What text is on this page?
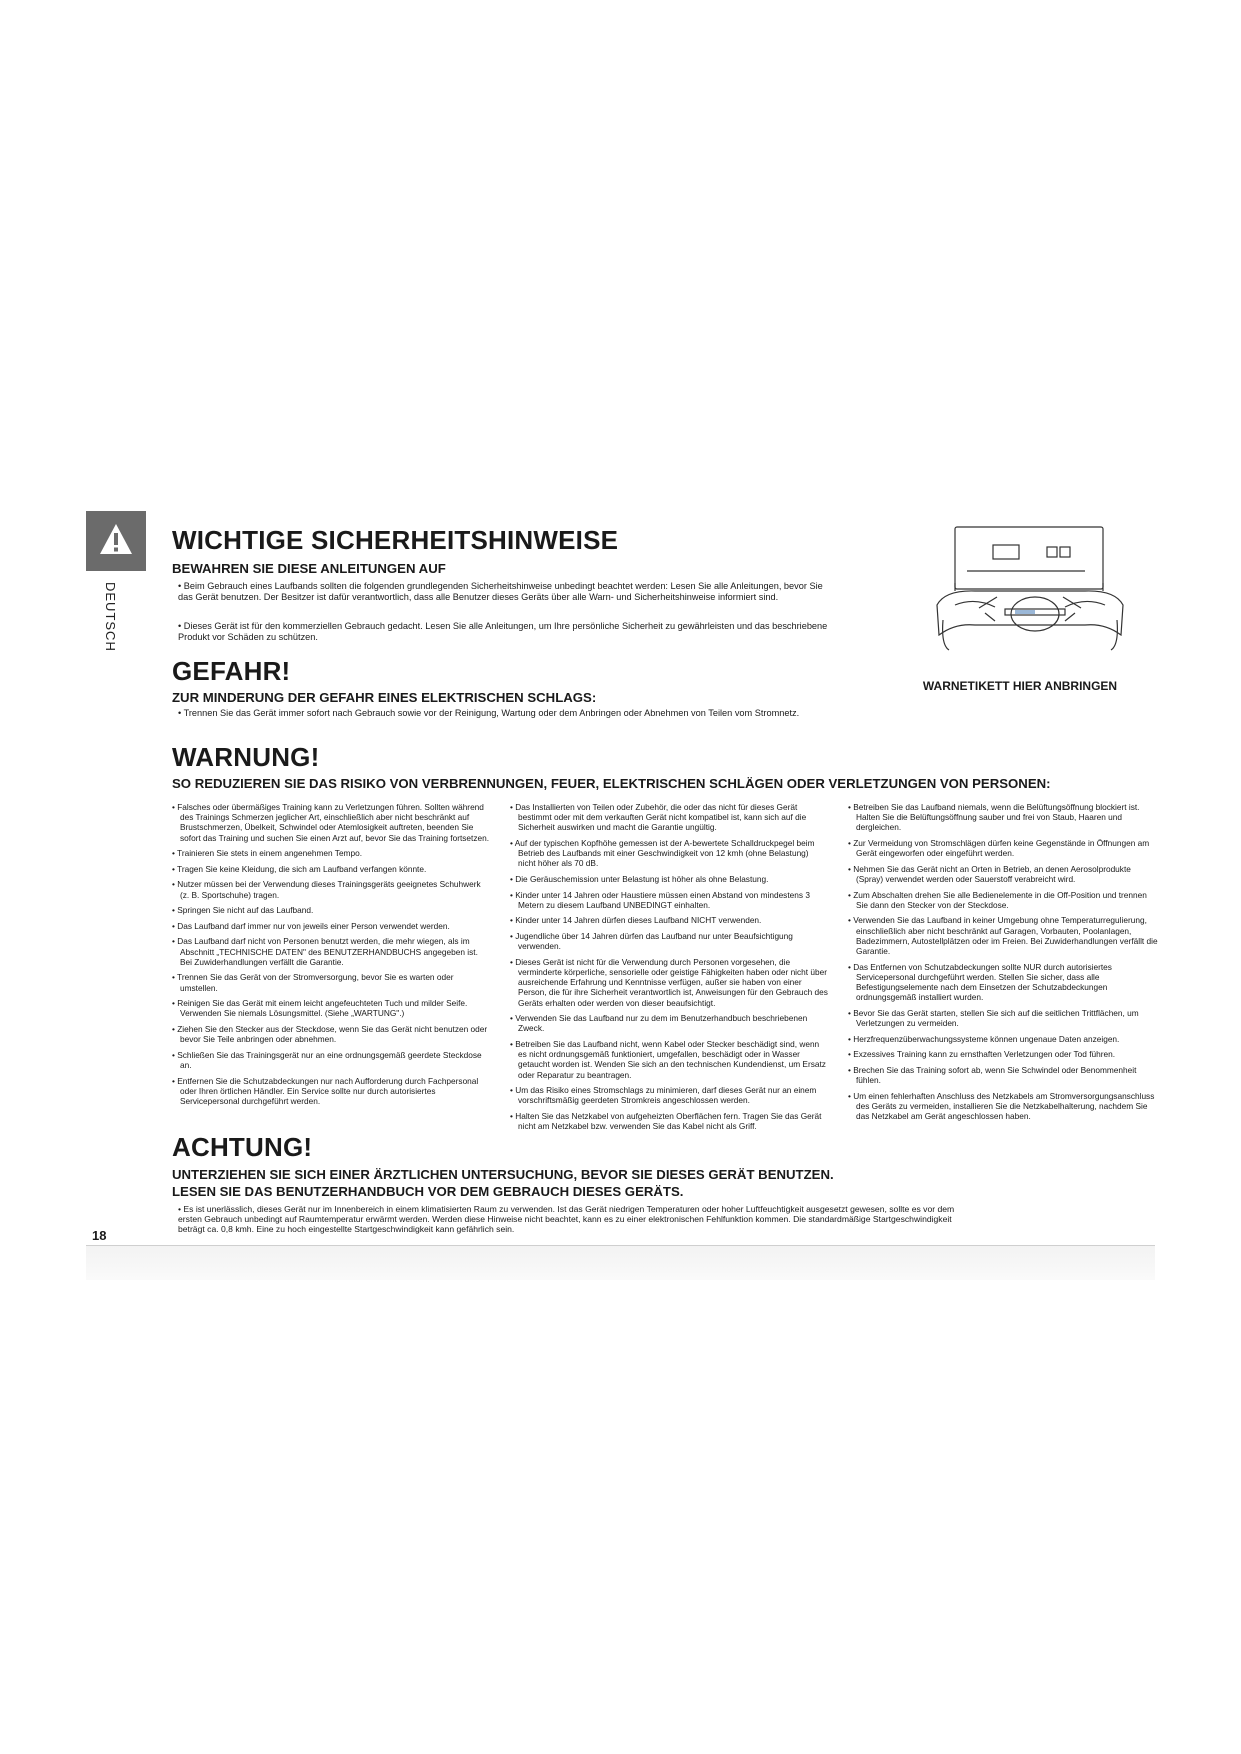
DEUTSCH
18
WICHTIGE SICHERHEITSHINWEISE
BEWAHREN SIE DIESE ANLEITUNGEN AUF

• Beim Gebrauch eines Laufbands sollten die folgenden grundlegenden Sicherheitshinweise unbedingt beachtet werden: Lesen Sie alle Anleitungen, bevor Sie das Gerät benutzen. Der Besitzer ist dafür verantwortlich, dass alle Benutzer dieses Geräts über alle Warn- und Sicherheitshinweise informiert sind.

• Dieses Gerät ist für den kommerziellen Gebrauch gedacht. Lesen Sie alle Anleitungen, um Ihre persönliche Sicherheit zu gewährleisten und das beschriebene Produkt vor Schäden zu schützen.

WARNETIKETT HIER ANBRINGEN
GEFAHR!
ZUR MINDERUNG DER GEFAHR EINES ELEKTRISCHEN SCHLAGS:

• Trennen Sie das Gerät immer sofort nach Gebrauch sowie vor der Reinigung, Wartung oder dem Anbringen oder Abnehmen von Teilen vom Stromnetz.

WARNUNG!
SO REDUZIEREN SIE DAS RISIKO VON VERBRENNUNGEN, FEUER, ELEKTRISCHEN SCHLÄGEN ODER VERLETZUNGEN VON PERSONEN:

• Falsches oder übermäßiges Training kann zu Verletzungen führen. Sollten während des Trainings Schmerzen jeglicher Art, einschließlich aber nicht beschränkt auf Brustschmerzen, Übelkeit, Schwindel oder Atemlosigkeit auftreten, beenden Sie sofort das Training und suchen Sie einen Arzt auf, bevor Sie das Training fortsetzen.

• Trainieren Sie stets in einem angenehmen Tempo.

• Tragen Sie keine Kleidung, die sich am Laufband verfangen könnte.

• Nutzer müssen bei der Verwendung dieses Trainingsgeräts geeignetes Schuhwerk (z. B. Sportschuhe) tragen.

• Springen Sie nicht auf das Laufband.

• Das Laufband darf immer nur von jeweils einer Person verwendet werden.

• Das Laufband darf nicht von Personen benutzt werden, die mehr wiegen, als im Abschnitt „TECHNISCHE DATEN" des BENUTZERHANDBUCHS angegeben ist. Bei Zuwiderhandlungen verfällt die Garantie.

• Trennen Sie das Gerät von der Stromversorgung, bevor Sie es warten oder umstellen.

• Reinigen Sie das Gerät mit einem leicht angefeuchteten Tuch und milder Seife. Verwenden Sie niemals Lösungsmittel. (Siehe „WARTUNG".)

• Ziehen Sie den Stecker aus der Steckdose, wenn Sie das Gerät nicht benutzen oder bevor Sie Teile anbringen oder abnehmen.

• Schließen Sie das Trainingsgerät nur an eine ordnungsgemäß geerdete Steckdose an.

• Entfernen Sie die Schutzabdeckungen nur nach Aufforderung durch Fachpersonal oder Ihren örtlichen Händler. Ein Service sollte nur durch autorisiertes Servicepersonal durchgeführt werden.

• Das Installierten von Teilen oder Zubehör, die oder das nicht für dieses Gerät bestimmt oder mit dem verkauften Gerät nicht kompatibel ist, kann sich auf die Sicherheit auswirken und macht die Garantie ungültig.

• Auf der typischen Kopfhöhe gemessen ist der A-bewertete Schalldruckpegel beim Betrieb des Laufbands mit einer Geschwindigkeit von 12 kmh (ohne Belastung) nicht höher als 70 dB.

• Die Geräuschemission unter Belastung ist höher als ohne Belastung.

• Kinder unter 14 Jahren oder Haustiere müssen einen Abstand von mindestens 3 Metern zu diesem Laufband UNBEDINGT einhalten.

• Kinder unter 14 Jahren dürfen dieses Laufband NICHT verwenden.

• Jugendliche über 14 Jahren dürfen das Laufband nur unter Beaufsichtigung verwenden.

• Dieses Gerät ist nicht für die Verwendung durch Personen vorgesehen, die verminderte körperliche, sensorielle oder geistige Fähigkeiten haben oder nicht über ausreichende Erfahrung und Kenntnisse verfügen, außer sie haben von einer Person, die für ihre Sicherheit verantwortlich ist, Anweisungen für den Gebrauch des Geräts erhalten oder werden von dieser beaufsichtigt.

• Verwenden Sie das Laufband nur zu dem im Benutzerhandbuch beschriebenen Zweck.

• Betreiben Sie das Laufband nicht, wenn Kabel oder Stecker beschädigt sind, wenn es nicht ordnungsgemäß funktioniert, umgefallen, beschädigt oder in Wasser getaucht worden ist. Wenden Sie sich an den technischen Kundendienst, um Ersatz oder Reparatur zu beantragen.

• Um das Risiko eines Stromschlags zu minimieren, darf dieses Gerät nur an einem vorschriftsmäßig geerdeten Stromkreis angeschlossen werden.

• Halten Sie das Netzkabel von aufgeheizten Oberflächen fern. Tragen Sie das Gerät nicht am Netzkabel bzw. verwenden Sie das Kabel nicht als Griff.

• Betreiben Sie das Laufband niemals, wenn die Belüftungsöffnung blockiert ist. Halten Sie die Belüftungsöffnung sauber und frei von Staub, Haaren und dergleichen.

• Zur Vermeidung von Stromschlägen dürfen keine Gegenstände in Öffnungen am Gerät eingeworfen oder eingeführt werden.

• Nehmen Sie das Gerät nicht an Orten in Betrieb, an denen Aerosolprodukte (Spray) verwendet werden oder Sauerstoff verabreicht wird.

• Zum Abschalten drehen Sie alle Bedienelemente in die Off-Position und trennen Sie dann den Stecker von der Steckdose.

• Verwenden Sie das Laufband in keiner Umgebung ohne Temperaturregulierung, einschließlich aber nicht beschränkt auf Garagen, Vorbauten, Poolanlagen, Badezimmern, Autostellplätzen oder im Freien. Bei Zuwiderhandlungen verfällt die Garantie.

• Das Entfernen von Schutzabdeckungen sollte NUR durch autorisiertes Servicepersonal durchgeführt werden. Stellen Sie sicher, dass alle Befestigungselemente nach dem Einsetzen der Schutzabdeckungen ordnungsgemäß installiert wurden.

• Bevor Sie das Gerät starten, stellen Sie sich auf die seitlichen Trittflächen, um Verletzungen zu vermeiden.

• Herzfrequenzüberwachungssysteme können ungenaue Daten anzeigen.

• Exzessives Training kann zu ernsthaften Verletzungen oder Tod führen.

• Brechen Sie das Training sofort ab, wenn Sie Schwindel oder Benommenheit fühlen.

• Um einen fehlerhaften Anschluss des Netzkabels am Stromversorgungsanschluss des Geräts zu vermeiden, installieren Sie die Netzkabelhalterung, nachdem Sie das Netzkabel am Gerät angeschlossen haben.

ACHTUNG!
UNTERZIEHEN SIE SICH EINER ÄRZTLICHEN UNTERSUCHUNG, BEVOR SIE DIESES GERÄT BENUTZEN.
LESEN SIE DAS BENUTZERHANDBUCH VOR DEM GEBRAUCH DIESES GERÄTS.

• Es ist unerlässlich, dieses Gerät nur im Innenbereich in einem klimatisierten Raum zu verwenden. Ist das Gerät niedrigen Temperaturen oder hoher Luftfeuchtigkeit ausgesetzt gewesen, sollte es vor dem ersten Gebrauch unbedingt auf Raumtemperatur erwärmt werden. Werden diese Hinweise nicht beachtet, kann es zu einer elektronischen Fehlfunktion kommen. Die standardmäßige Startgeschwindigkeit beträgt ca. 0,8 kmh. Eine zu hoch eingestellte Startgeschwindigkeit kann gefährlich sein.
